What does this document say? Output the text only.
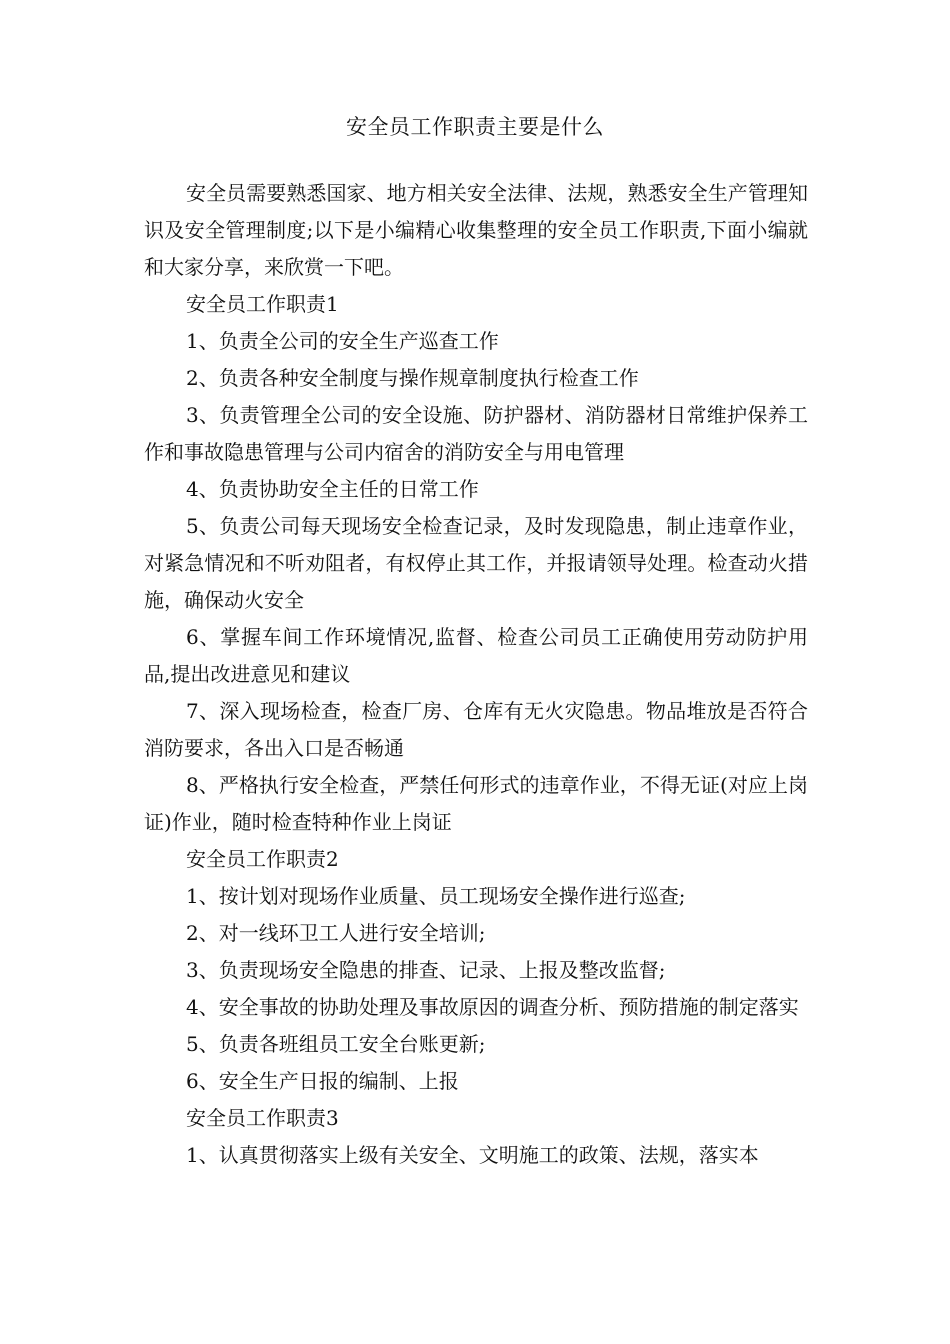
安全员工作职责主要是什么

安全员需要熟悉国家、地方相关安全法律、法规，熟悉安全生产管理知识及安全管理制度;以下是小编精心收集整理的安全员工作职责,下面小编就和大家分享，来欣赏一下吧。

安全员工作职责1

1、负责全公司的安全生产巡查工作

2、负责各种安全制度与操作规章制度执行检查工作

3、负责管理全公司的安全设施、防护器材、消防器材日常维护保养工作和事故隐患管理与公司内宿舍的消防安全与用电管理

4、负责协助安全主任的日常工作

5、负责公司每天现场安全检查记录，及时发现隐患，制止违章作业，对紧急情况和不听劝阻者，有权停止其工作，并报请领导处理。检查动火措施，确保动火安全

6、掌握车间工作环境情况,监督、检查公司员工正确使用劳动防护用品,提出改进意见和建议

7、深入现场检查，检查厂房、仓库有无火灾隐患。物品堆放是否符合消防要求，各出入口是否畅通

8、严格执行安全检查，严禁任何形式的违章作业，不得无证(对应上岗证)作业，随时检查特种作业上岗证

安全员工作职责2

1、按计划对现场作业质量、员工现场安全操作进行巡查;

2、对一线环卫工人进行安全培训;

3、负责现场安全隐患的排查、记录、上报及整改监督;

4、安全事故的协助处理及事故原因的调查分析、预防措施的制定落实

5、负责各班组员工安全台账更新;

6、安全生产日报的编制、上报

安全员工作职责3

1、认真贯彻落实上级有关安全、文明施工的政策、法规，落实本
